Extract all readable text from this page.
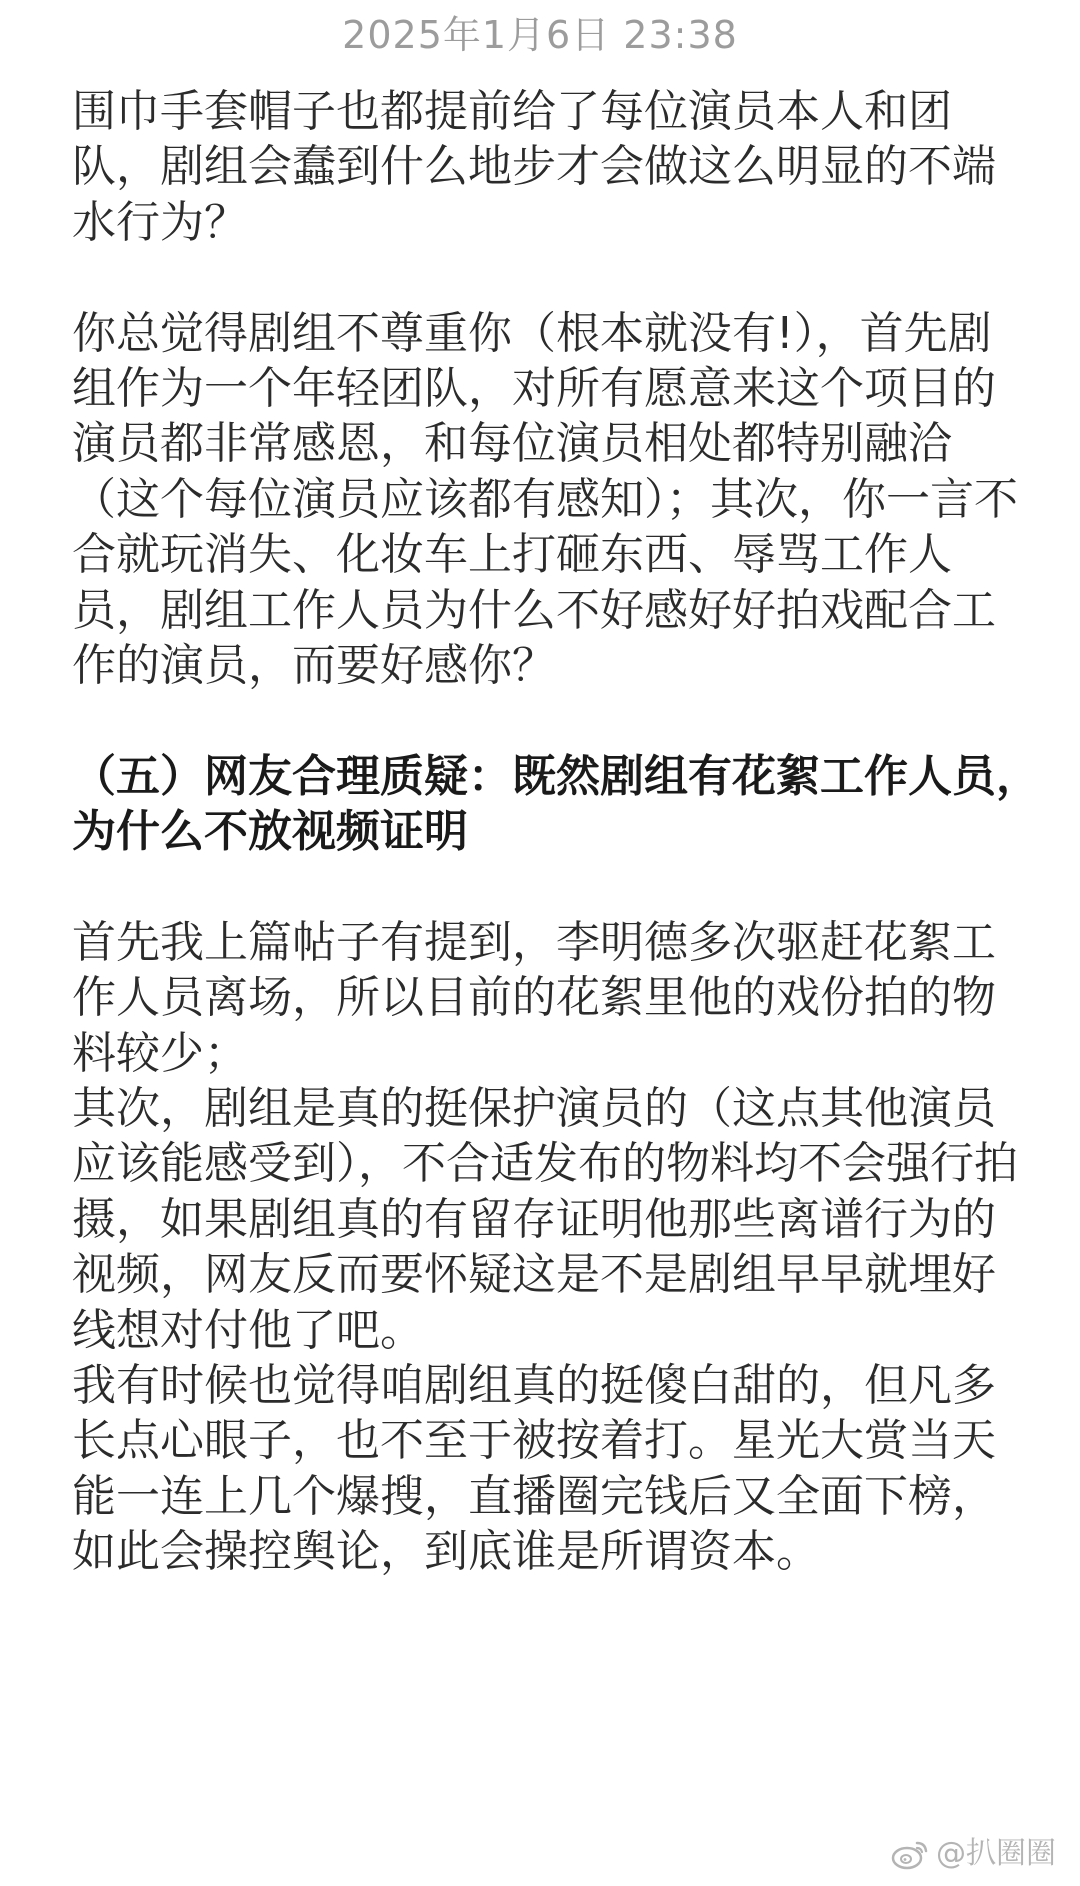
2025年1月6日 23:38
围巾手套帽子也都提前给了每位演员本人和团
队，剧组会蠢到什么地步才会做这么明显的不端
水行为？
你总觉得剧组不尊重你（根本就没有!），首先剧
组作为一个年轻团队，对所有愿意来这个项目的
演员都非常感恩，和每位演员相处都特别融洽
（这个每位演员应该都有感知）；其次，你一言不
合就玩消失、化妆车上打砸东西、辱骂工作人
员，剧组工作人员为什么不好感好好拍戏配合工
作的演员，而要好感你？
（五）网友合理质疑：既然剧组有花絮工作人员，
为什么不放视频证明
首先我上篇帖子有提到，李明德多次驱赶花絮工
作人员离场，所以目前的花絮里他的戏份拍的物
料较少；
其次，剧组是真的挺保护演员的（这点其他演员
应该能感受到），不合适发布的物料均不会强行拍
摄，如果剧组真的有留存证明他那些离谱行为的
视频，网友反而要怀疑这是不是剧组早早就埋好
线想对付他了吧。
我有时候也觉得咱剧组真的挺傻白甜的，但凡多
长点心眼子，也不至于被按着打。星光大赏当天
能一连上几个爆搜，直播圈完钱后又全面下榜，
如此会操控舆论，到底谁是所谓资本。
@扒圈圈
